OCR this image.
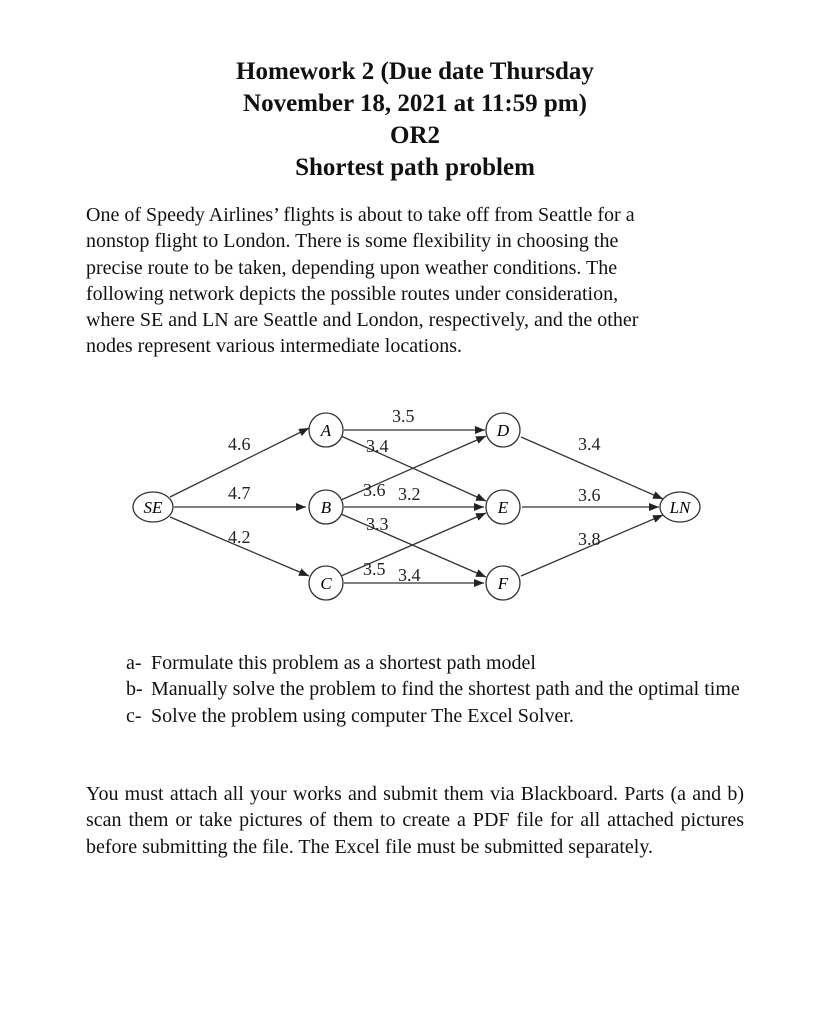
Homework 2 (Due date Thursday
November 18, 2021 at 11:59 pm)
OR2
Shortest path problem
One of Speedy Airlines’ flights is about to take off from Seattle for a
nonstop flight to London. There is some flexibility in choosing the
precise route to be taken, depending upon weather conditions. The
following network depicts the possible routes under consideration,
where SE and LN are Seattle and London, respectively, and the other
nodes represent various intermediate locations.
4.6
4.7
4.2
3.5
3.4
3.6 3.2
3.3
3.5 3.4
3.4
3.6
3.8
SE
A
B
C
D
E
F
LN
a- Formulate this problem as a shortest path model
b- Manually solve the problem to find the shortest path and the optimal time
c- Solve the problem using computer The Excel Solver.
You must attach all your works and submit them via Blackboard. Parts (a and b) scan them or take pictures of them to create a PDF file for all attached pictures before submitting the file. The Excel file must be submitted separately.
